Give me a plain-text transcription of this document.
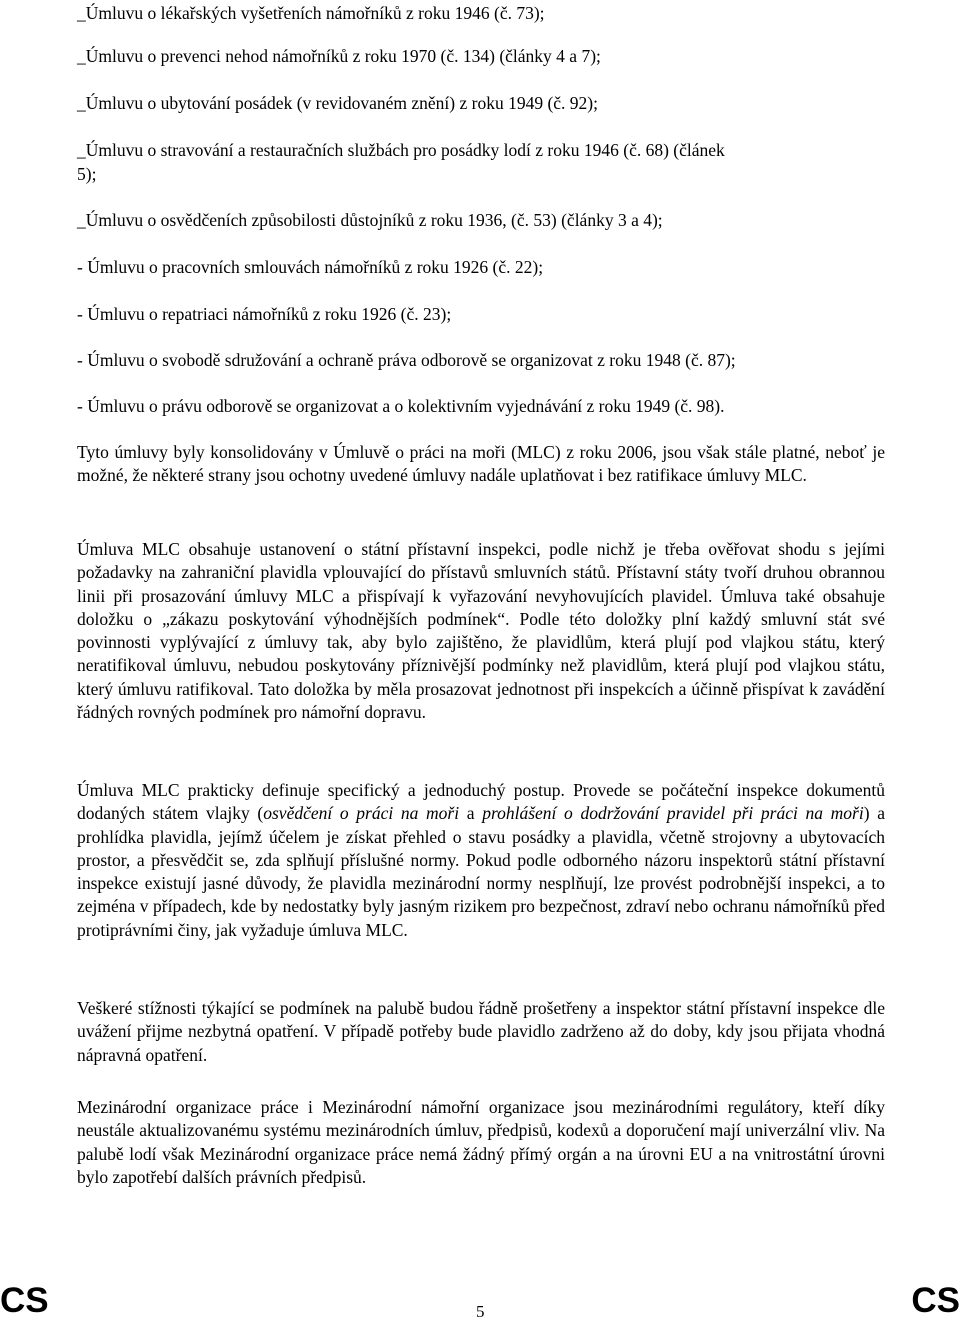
_Úmluvu o lékařských vyšetřeních námořníků z roku 1946 (č. 73);
_Úmluvu o prevenci nehod námořníků z roku 1970 (č. 134) (články 4 a 7);
_Úmluvu o ubytování posádek (v revidovaném znění) z roku 1949 (č. 92);
_Úmluvu o stravování a restauračních službách pro posádky lodí z roku 1946 (č. 68) (článek
5);
_Úmluvu o osvědčeních způsobilosti důstojníků z roku 1936, (č. 53) (články 3 a 4);
- Úmluvu o pracovních smlouvách námořníků z roku 1926 (č. 22);
- Úmluvu o repatriaci námořníků z roku 1926 (č. 23);
- Úmluvu o svobodě sdružování a ochraně práva odborově se organizovat z roku 1948 (č. 87);
- Úmluvu o právu odborově se organizovat a o kolektivním vyjednávání z roku 1949 (č. 98).
Tyto úmluvy byly konsolidovány v Úmluvě o práci na moři (MLC) z roku 2006, jsou však stále platné, neboť je možné, že některé strany jsou ochotny uvedené úmluvy nadále uplatňovat i bez ratifikace úmluvy MLC.
Úmluva MLC obsahuje ustanovení o státní přístavní inspekci, podle nichž je třeba ověřovat shodu s jejími požadavky na zahraniční plavidla vplouvající do přístavů smluvních států. Přístavní státy tvoří druhou obrannou linii při prosazování úmluvy MLC a přispívají k vyřazování nevyhovujících plavidel. Úmluva také obsahuje doložku o „zákazu poskytování výhodnějších podmínek“. Podle této doložky plní každý smluvní stát své povinnosti vyplývající z úmluvy tak, aby bylo zajištěno, že plavidlům, která plují pod vlajkou státu, který neratifikoval úmluvu, nebudou poskytovány příznivější podmínky než plavidlům, která plují pod vlajkou státu, který úmluvu ratifikoval. Tato doložka by měla prosazovat jednotnost při inspekcích a účinně přispívat k zavádění řádných rovných podmínek pro námořní dopravu.
Úmluva MLC prakticky definuje specifický a jednoduchý postup. Provede se počáteční inspekce dokumentů dodaných státem vlajky (osvědčení o práci na moři a prohlášení o dodržování pravidel při práci na moři) a prohlídka plavidla, jejímž účelem je získat přehled o stavu posádky a plavidla, včetně strojovny a ubytovacích prostor, a přesvědčit se, zda splňují příslušné normy. Pokud podle odborného názoru inspektorů státní přístavní inspekce existují jasné důvody, že plavidla mezinárodní normy nesplňují, lze provést podrobnější inspekci, a to zejména v případech, kde by nedostatky byly jasným rizikem pro bezpečnost, zdraví nebo ochranu námořníků před protiprávními činy, jak vyžaduje úmluva MLC.
Veškeré stížnosti týkající se podmínek na palubě budou řádně prošetřeny a inspektor státní přístavní inspekce dle uvážení přijme nezbytná opatření. V případě potřeby bude plavidlo zadrženo až do doby, kdy jsou přijata vhodná nápravná opatření.
Mezinárodní organizace práce i Mezinárodní námořní organizace jsou mezinárodními regulátory, kteří díky neustále aktualizovanému systému mezinárodních úmluv, předpisů, kodexů a doporučení mají univerzální vliv. Na palubě lodí však Mezinárodní organizace práce nemá žádný přímý orgán a na úrovni EU a na vnitrostátní úrovni bylo zapotřebí dalších právních předpisů.
CS	5	CS
